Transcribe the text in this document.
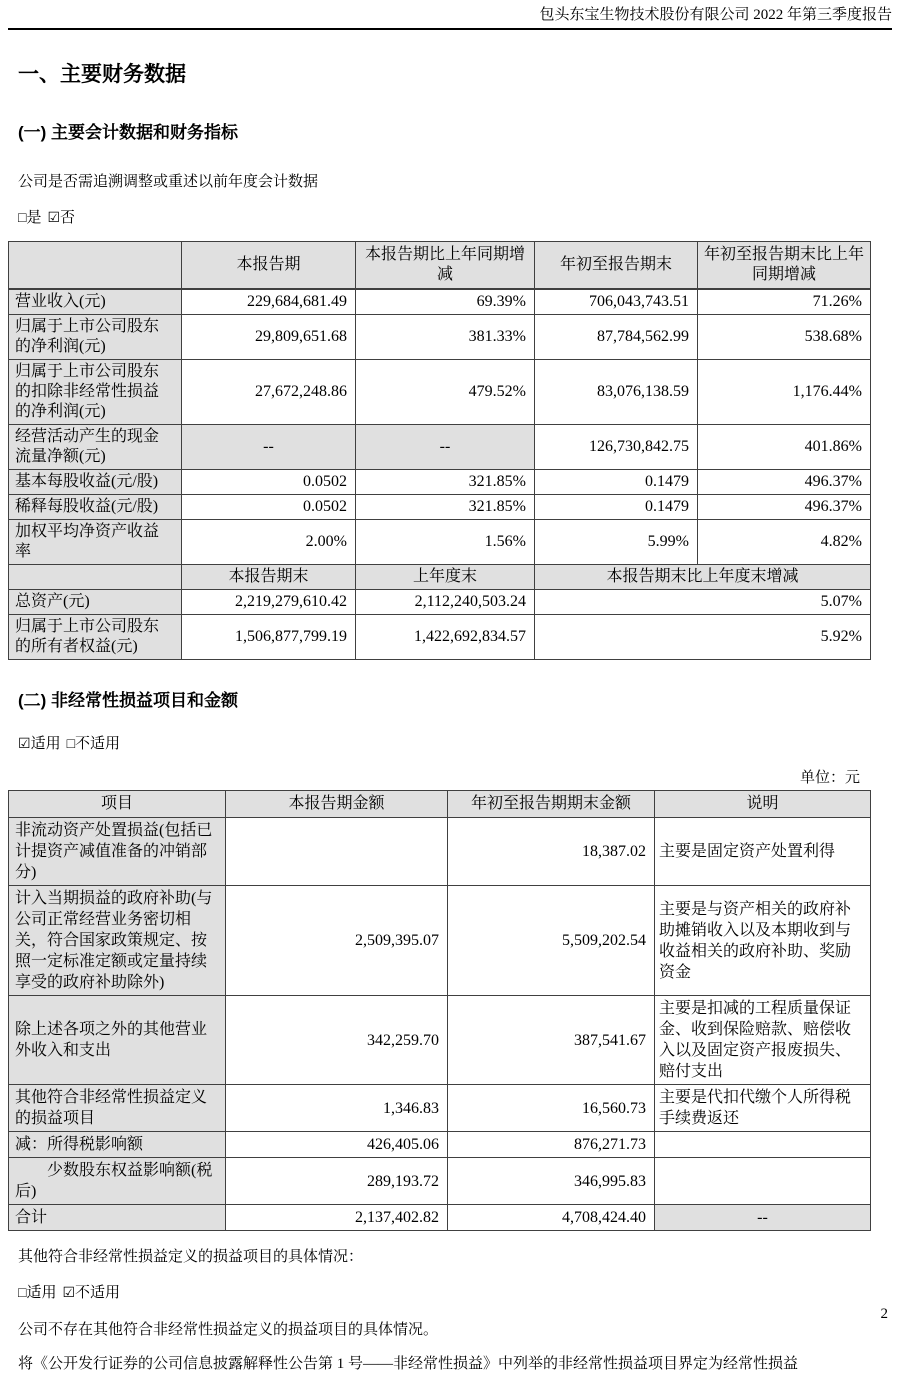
包头东宝生物技术股份有限公司 2022 年第三季度报告
一、主要财务数据
(一) 主要会计数据和财务指标

公司是否需追溯调整或重述以前年度会计数据

□是 ☑否

	本报告期	本报告期比上年同期增减	年初至报告期末	年初至报告期末比上年同期增减
营业收入(元)	229,684,681.49	69.39%	706,043,743.51	71.26%
归属于上市公司股东的净利润(元)	29,809,651.68	381.33%	87,784,562.99	538.68%
归属于上市公司股东的扣除非经常性损益的净利润(元)	27,672,248.86	479.52%	83,076,138.59	1,176.44%
经营活动产生的现金流量净额(元)	--	--	126,730,842.75	401.86%
基本每股收益(元/股)	0.0502	321.85%	0.1479	496.37%
稀释每股收益(元/股)	0.0502	321.85%	0.1479	496.37%
加权平均净资产收益率	2.00%	1.56%	5.99%	4.82%
	本报告期末	上年度末	本报告期末比上年度末增减	
总资产(元)	2,219,279,610.42	2,112,240,503.24	5.07%	
归属于上市公司股东的所有者权益(元)	1,506,877,799.19	1,422,692,834.57	5.92%	
(二) 非经常性损益项目和金额

☑适用 □不适用

单位：元
项目	本报告期金额	年初至报告期期末金额	说明
非流动资产处置损益(包括已计提资产减值准备的冲销部分)		18,387.02	主要是固定资产处置利得
计入当期损益的政府补助(与公司正常经营业务密切相关，符合国家政策规定、按照一定标准定额或定量持续享受的政府补助除外)	2,509,395.07	5,509,202.54	主要是与资产相关的政府补助摊销收入以及本期收到与收益相关的政府补助、奖励资金
除上述各项之外的其他营业外收入和支出	342,259.70	387,541.67	主要是扣减的工程质量保证金、收到保险赔款、赔偿收入以及固定资产报废损失、赔付支出
其他符合非经常性损益定义的损益项目	1,346.83	16,560.73	主要是代扣代缴个人所得税手续费返还
减：所得税影响额	426,405.06	876,271.73	
少数股东权益影响额(税后)	289,193.72	346,995.83	
合计	2,137,402.82	4,708,424.40	--

其他符合非经常性损益定义的损益项目的具体情况：

□适用 ☑不适用

公司不存在其他符合非经常性损益定义的损益项目的具体情况。

将《公开发行证券的公司信息披露解释性公告第 1 号——非经常性损益》中列举的非经常性损益项目界定为经常性损益

2
